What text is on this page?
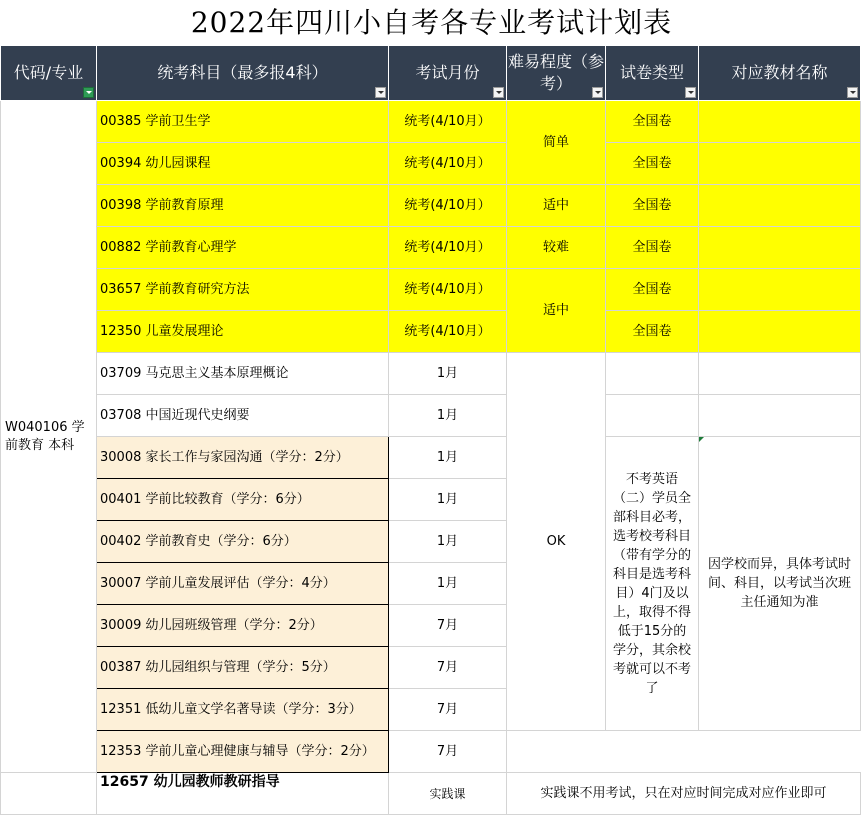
2022年四川小自考各专业考试计划表
代码/专业	统考科目（最多报4科）	考试月份	难易程度（参考）	试卷类型	对应教材名称

W040106 学前教育 本科	00385 学前卫生学	统考(4/10月）	简单	全国卷	
	00394 幼儿园课程	统考(4/10月）		全国卷	
	00398 学前教育原理	统考(4/10月）	适中	全国卷	
	00882 学前教育心理学	统考(4/10月）	较难	全国卷	
	03657 学前教育研究方法	统考(4/10月）	适中	全国卷	
	12350 儿童发展理论	统考(4/10月）		全国卷	
	03709 马克思主义基本原理概论	1月	OK		
	03708 中国近现代史纲要	1月			
	30008 家长工作与家园沟通（学分：2分）	1月		不考英语（二）学员全部科目必考，选考校考科目（带有学分的科目是选考科目）4门及以上，取得不得低于15分的学分，其余校考就可以不考了	因学校而异，具体考试时间、科目，以考试当次班主任通知为准
	00401 学前比较教育（学分：6分）	1月			
	00402 学前教育史（学分：6分）	1月			
	30007 学前儿童发展评估（学分：4分）	1月			
	30009 幼儿园班级管理（学分：2分）	7月			
	00387 幼儿园组织与管理（学分：5分）	7月			
	12351 低幼儿童文学名著导读（学分：3分）	7月			
	12353 学前儿童心理健康与辅导（学分：2分）	7月			
	12657 幼儿园教师教研指导	实践课	实践课不用考试，只在对应时间完成对应作业即可		
